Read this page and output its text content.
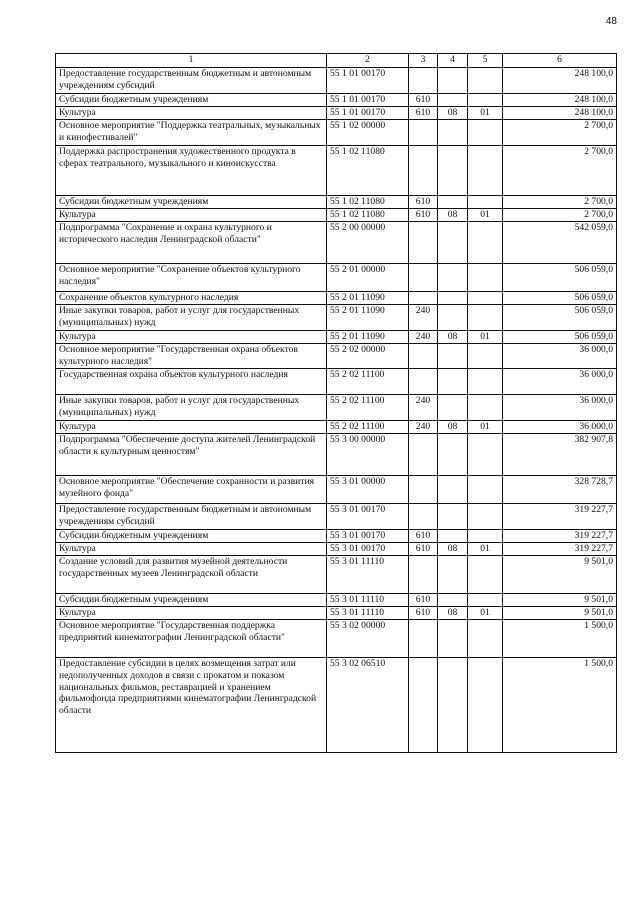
48
1	2	3	4	5	6
Предоставление государственным бюджетным и автономным учреждениям субсидий	55 1 01 00170				248 100,0
Субсидии бюджетным учреждениям	55 1 01 00170	610			248 100,0
Культура	55 1 01 00170	610	08	01	248 100,0
Основное мероприятие "Поддержка театральных, музыкальных и кинофестивалей"	55 1 02 00000				2 700,0
Поддержка распространения художественного продукта в сферах театрального, музыкального и киноискусства	55 1 02 11080				2 700,0
Субсидии бюджетным учреждениям	55 1 02 11080	610			2 700,0
Культура	55 1 02 11080	610	08	01	2 700,0
Подпрограмма "Сохранение и охрана культурного и исторического наследия Ленинградской области"	55 2 00 00000				542 059,0
Основное мероприятие "Сохранение объектов культурного наследия"	55 2 01 00000				506 059,0
Сохранение объектов культурного наследия	55 2 01 11090				506 059,0
Иные закупки товаров, работ и услуг для государственных (муниципальных) нужд	55 2 01 11090	240			506 059,0
Культура	55 2 01 11090	240	08	01	506 059,0
Основное мероприятие "Государственная охрана объектов культурного наследия"	55 2 02 00000				36 000,0
Государственная охрана объектов культурного наследия	55 2 02 11100				36 000,0
Иные закупки товаров, работ и услуг для государственных (муниципальных) нужд	55 2 02 11100	240			36 000,0
Культура	55 2 02 11100	240	08	01	36 000,0
Подпрограмма "Обеспечение доступа жителей Ленинградской области к культурным ценностям"	55 3 00 00000				382 907,8
Основное мероприятие "Обеспечение сохранности и развития музейного фонда"	55 3 01 00000				328 728,7
Предоставление государственным бюджетным и автономным учреждениям субсидий	55 3 01 00170				319 227,7
Субсидии бюджетным учреждениям	55 3 01 00170	610			319 227,7
Культура	55 3 01 00170	610	08	01	319 227,7
Создание условий для развития музейной деятельности государственных музеев Ленинградской области	55 3 01 11110				9 501,0
Субсидии бюджетным учреждениям	55 3 01 11110	610			9 501,0
Культура	55 3 01 11110	610	08	01	9 501,0
Основное мероприятие "Государственная поддержка предприятий кинематографии Ленинградской области"	55 3 02 00000				1 500,0
Предоставление субсидии в целях возмещения затрат или недополученных доходов в связи с прокатом и показом национальных фильмов, реставрацией и хранением фильмофонда предприятиями кинематографии Ленинградской области	55 3 02 06510				1 500,0
